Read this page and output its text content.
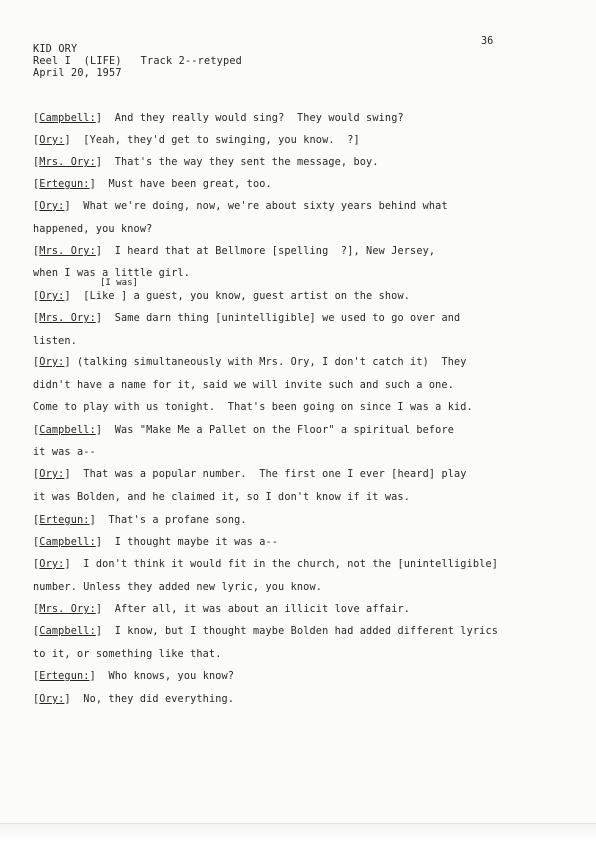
KID ORY
Reel I  (LIFE)   Track 2--retyped
April 20, 1957
36
[I was]
[Campbell:]  And they really would sing?  They would swing?
[Ory:]  [Yeah, they'd get to swinging, you know.  ?]
[Mrs. Ory:]  That's the way they sent the message, boy.
[Ertegun:]  Must have been great, too.
[Ory:]  What we're doing, now, we're about sixty years behind what
happened, you know?
[Mrs. Ory:]  I heard that at Bellmore [spelling  ?], New Jersey,
when I was a little girl.
[Ory:]  [Like ] a guest, you know, guest artist on the show.
[Mrs. Ory:]  Same darn thing [unintelligible] we used to go over and
listen.
[Ory:] (talking simultaneously with Mrs. Ory, I don't catch it)  They
didn't have a name for it, said we will invite such and such a one.
Come to play with us tonight.  That's been going on since I was a kid.
[Campbell:]  Was "Make Me a Pallet on the Floor" a spiritual before
it was a--
[Ory:]  That was a popular number.  The first one I ever [heard] play
it was Bolden, and he claimed it, so I don't know if it was.
[Ertegun:]  That's a profane song.
[Campbell:]  I thought maybe it was a--
[Ory:]  I don't think it would fit in the church, not the [unintelligible]
number. Unless they added new lyric, you know.
[Mrs. Ory:]  After all, it was about an illicit love affair.
[Campbell:]  I know, but I thought maybe Bolden had added different lyrics
to it, or something like that.
[Ertegun:]  Who knows, you know?
[Ory:]  No, they did everything.
